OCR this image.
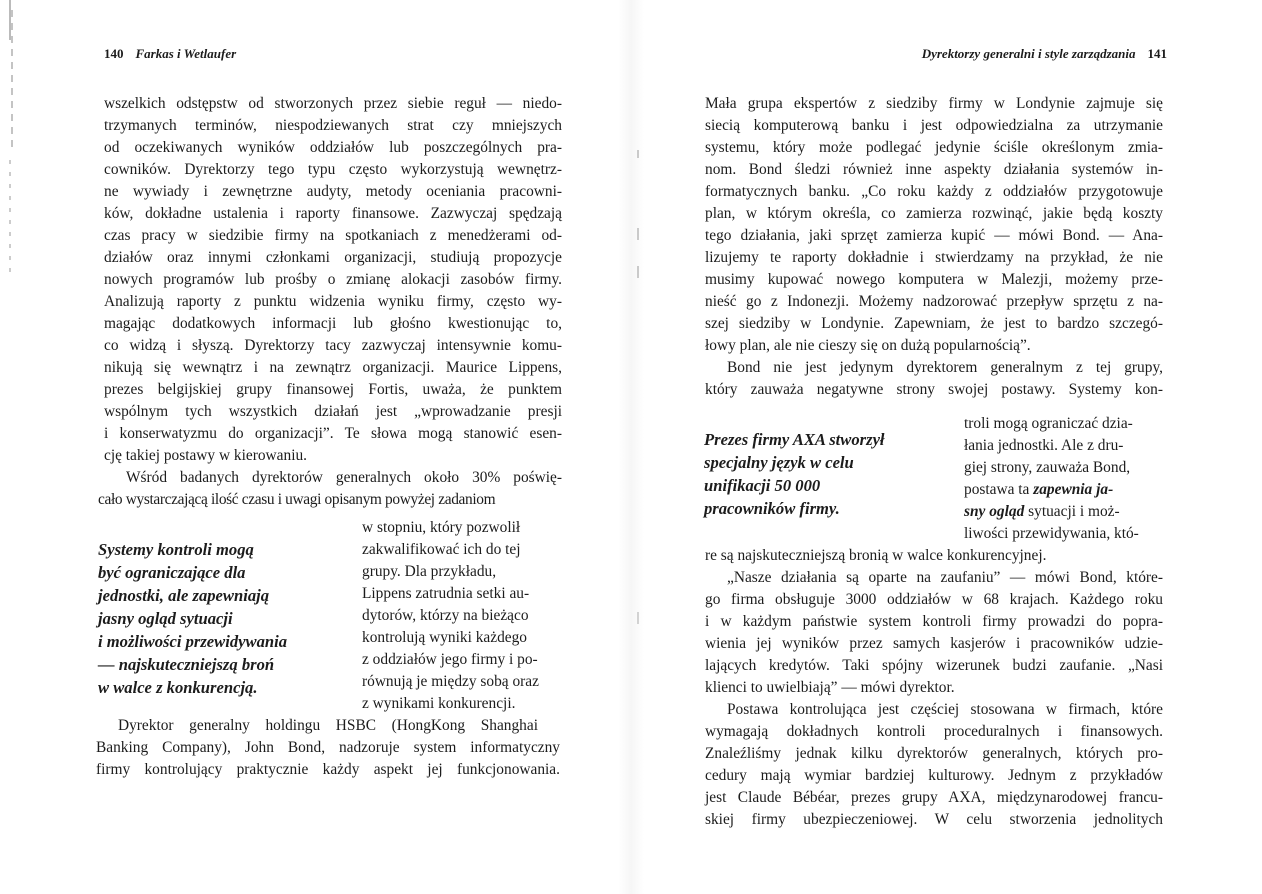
140 Farkas i Wetlaufer
wszelkich odstępstw od stworzonych przez siebie reguł — niedo-
trzymanych terminów, niespodziewanych strat czy mniejszych
od oczekiwanych wyników oddziałów lub poszczególnych pra-
cowników. Dyrektorzy tego typu często wykorzystują wewnętrz-
ne wywiady i zewnętrzne audyty, metody oceniania pracowni-
ków, dokładne ustalenia i raporty finansowe. Zazwyczaj spędzają
czas pracy w siedzibie firmy na spotkaniach z menedżerami od-
działów oraz innymi członkami organizacji, studiują propozycje
nowych programów lub prośby o zmianę alokacji zasobów firmy.
Analizują raporty z punktu widzenia wyniku firmy, często wy-
magając dodatkowych informacji lub głośno kwestionując to,
co widzą i słyszą. Dyrektorzy tacy zazwyczaj intensywnie komu-
nikują się wewnątrz i na zewnątrz organizacji. Maurice Lippens,
prezes belgijskiej grupy finansowej Fortis, uważa, że punktem
wspólnym tych wszystkich działań jest „wprowadzanie presji
i konserwatyzmu do organizacji”. Te słowa mogą stanowić esen-
cję takiej postawy w kierowaniu.
Wśród badanych dyrektorów generalnych około 30% poświę-
cało wystarczającą ilość czasu i uwagi opisanym powyżej zadaniom
Systemy kontroli mogą
być ograniczające dla
jednostki, ale zapewniają
jasny ogląd sytuacji
i możliwości przewidywania
— najskuteczniejszą broń
w walce z konkurencją.
w stopniu, który pozwolił
zakwalifikować ich do tej
grupy. Dla przykładu,
Lippens zatrudnia setki au-
dytorów, którzy na bieżąco
kontrolują wyniki każdego
z oddziałów jego firmy i po-
równują je między sobą oraz
z wynikami konkurencji.
Dyrektor generalny holdingu HSBC (HongKong Shanghai
Banking Company), John Bond, nadzoruje system informatyczny
firmy kontrolujący praktycznie każdy aspekt jej funkcjonowania.
Dyrektorzy generalni i style zarządzania 141
Mała grupa ekspertów z siedziby firmy w Londynie zajmuje się
siecią komputerową banku i jest odpowiedzialna za utrzymanie
systemu, który może podlegać jedynie ściśle określonym zmia-
nom. Bond śledzi również inne aspekty działania systemów in-
formatycznych banku. „Co roku każdy z oddziałów przygotowuje
plan, w którym określa, co zamierza rozwinąć, jakie będą koszty
tego działania, jaki sprzęt zamierza kupić — mówi Bond. — Ana-
lizujemy te raporty dokładnie i stwierdzamy na przykład, że nie
musimy kupować nowego komputera w Malezji, możemy prze-
nieść go z Indonezji. Możemy nadzorować przepływ sprzętu z na-
szej siedziby w Londynie. Zapewniam, że jest to bardzo szczegó-
łowy plan, ale nie cieszy się on dużą popularnością”.
Bond nie jest jedynym dyrektorem generalnym z tej grupy,
który zauważa negatywne strony swojej postawy. Systemy kon-
Prezes firmy AXA stworzył
specjalny język w celu
unifikacji 50 000
pracowników firmy.
troli mogą ograniczać dzia-
łania jednostki. Ale z dru-
giej strony, zauważa Bond,
postawa ta zapewnia ja-
sny ogląd sytuacji i moż-
liwości przewidywania, któ-
re są najskuteczniejszą bronią w walce konkurencyjnej.
„Nasze działania są oparte na zaufaniu” — mówi Bond, które-
go firma obsługuje 3000 oddziałów w 68 krajach. Każdego roku
i w każdym państwie system kontroli firmy prowadzi do popra-
wienia jej wyników przez samych kasjerów i pracowników udzie-
lających kredytów. Taki spójny wizerunek budzi zaufanie. „Nasi
klienci to uwielbiają” — mówi dyrektor.
Postawa kontrolująca jest częściej stosowana w firmach, które
wymagają dokładnych kontroli proceduralnych i finansowych.
Znaleźliśmy jednak kilku dyrektorów generalnych, których pro-
cedury mają wymiar bardziej kulturowy. Jednym z przykładów
jest Claude Bébéar, prezes grupy AXA, międzynarodowej francu-
skiej firmy ubezpieczeniowej. W celu stworzenia jednolitych
